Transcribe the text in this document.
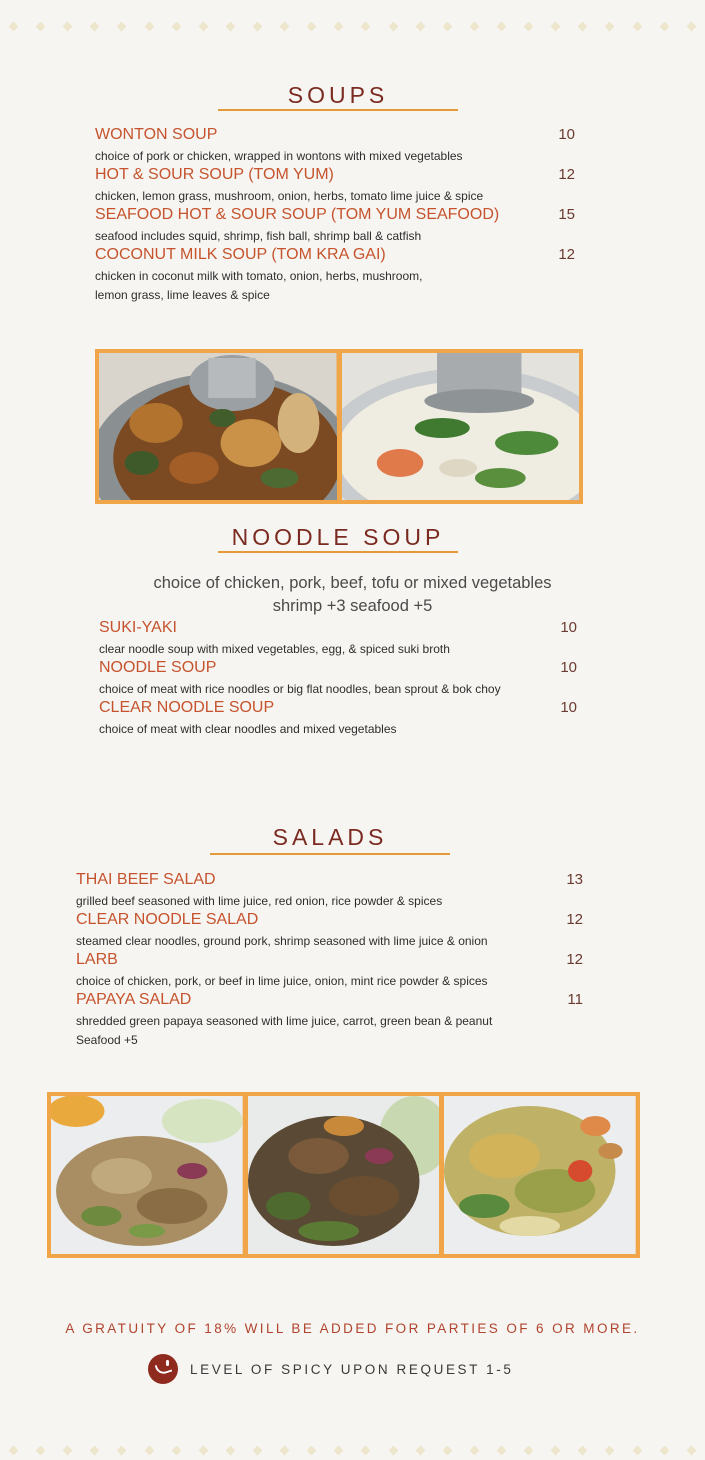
SOUPS
WONTON SOUP	10
choice of pork or chicken, wrapped in wontons with mixed vegetables
HOT & SOUR SOUP (TOM YUM)	12
chicken, lemon grass, mushroom, onion, herbs, tomato lime juice & spice
SEAFOOD HOT & SOUR SOUP (TOM YUM SEAFOOD)	15
seafood includes squid, shrimp, fish ball, shrimp ball & catfish
COCONUT MILK SOUP (TOM KRA GAI)	12
chicken in coconut milk with tomato, onion, herbs, mushroom,
lemon grass, lime leaves & spice
NOODLE SOUP
choice of chicken, pork, beef, tofu or mixed vegetables
shrimp +3 seafood +5
SUKI-YAKI	10
clear noodle soup with mixed vegetables, egg, & spiced suki broth
NOODLE SOUP	10
choice of meat with rice noodles or big flat noodles, bean sprout & bok choy
CLEAR NOODLE SOUP	10
choice of meat with clear noodles and mixed vegetables
SALADS
THAI BEEF SALAD	13
grilled beef seasoned with lime juice, red onion, rice powder & spices
CLEAR NOODLE SALAD	12
steamed clear noodles, ground pork, shrimp seasoned with lime juice & onion
LARB	12
choice of chicken, pork, or beef in lime juice, onion, mint rice powder & spices
PAPAYA SALAD	11
shredded green papaya seasoned with lime juice, carrot, green bean & peanut
Seafood +5
A GRATUITY OF 18% WILL BE ADDED FOR PARTIES OF 6 OR MORE.
LEVEL OF SPICY UPON REQUEST 1-5
